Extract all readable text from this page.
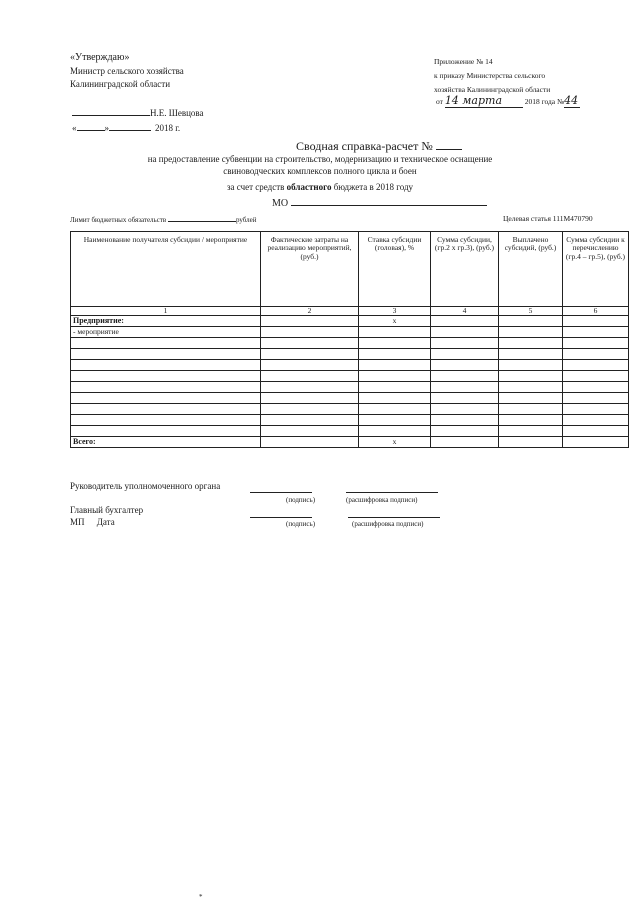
«Утверждаю»
Министр сельского хозяйства
Калининградской области
Н.Е. Шевцова
«	»	2018 г.
Приложение № 14
к приказу Министерства сельского
хозяйства Калининградской области
от 14 марта	2018 года №44
Сводная справка-расчет №
на предоставление субвенции на строительство, модернизацию и техническое оснащение
свиноводческих комплексов полного цикла и боен
за счет средств областного бюджета в 2018 году
МО
Лимит бюджетных обязательств	рублей	Целевая статья 111М470790
Наименование получателя субсидии / мероприятие	Фактические затраты на реализацию мероприятий, (руб.)	Ставка субсидии (головая), %	Сумма субсидии, (гр.2 х гр.3), (руб.)	Выплачено субсидий, (руб.)	Сумма субсидии к перечислению (гр.4 – гр.5), (руб.)
1	2	3	4	5	6
Предприятие:		х			
- мероприятие					

Всего:		х			
Руководитель уполномоченного органа
(подпись)	(расшифровка подписи)
Главный бухгалтер
МП Дата	(подпись)	(расшифровка подписи)
*
